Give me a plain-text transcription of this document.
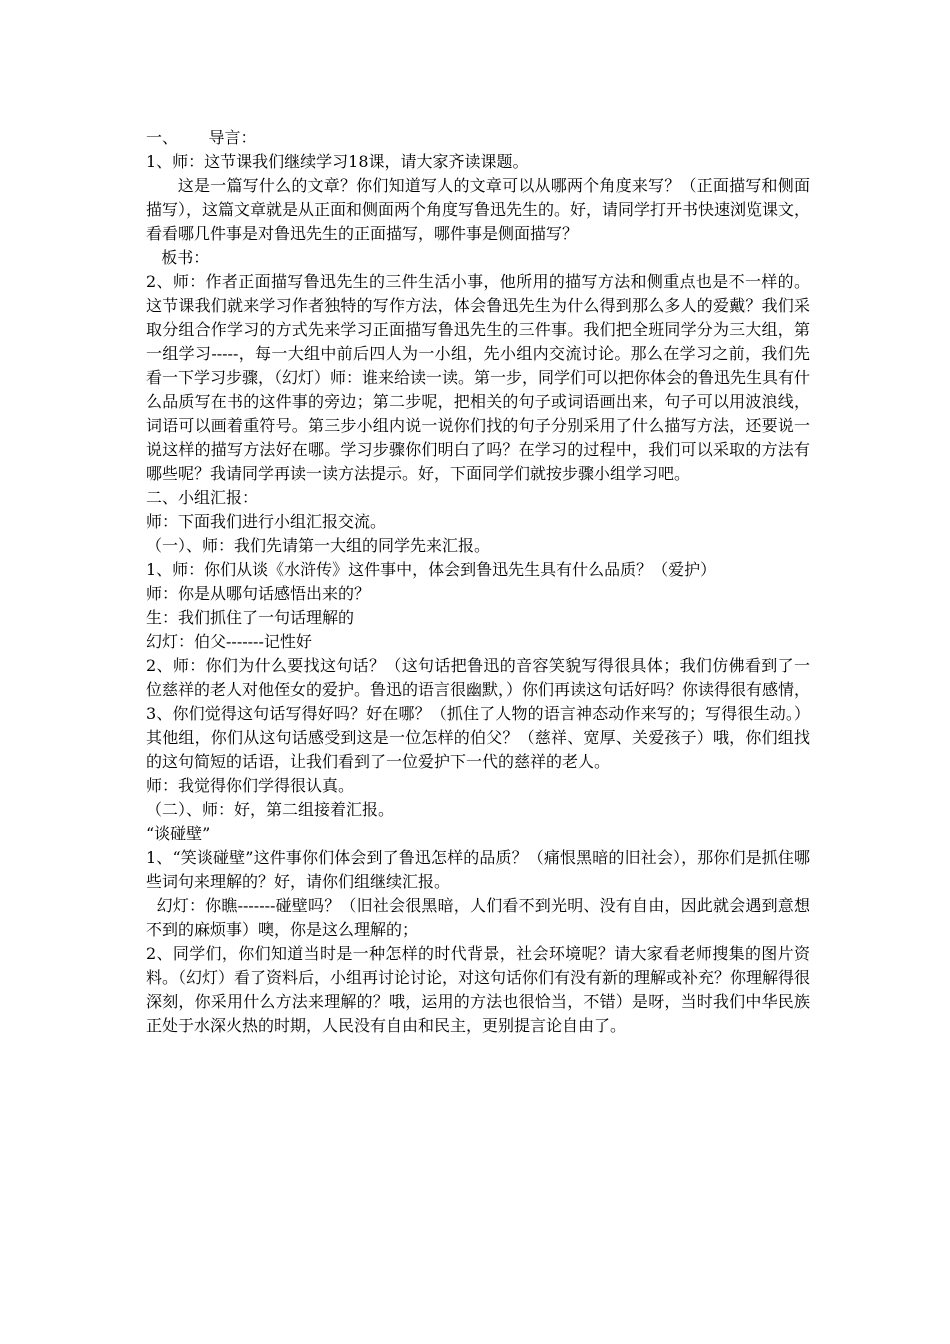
一、      导言：

1、师：这节课我们继续学习18课，请大家齐读课题。

这是一篇写什么的文章？你们知道写人的文章可以从哪两个角度来写？（正面描写和侧面描写），这篇文章就是从正面和侧面两个角度写鲁迅先生的。好，请同学打开书快速浏览课文，看看哪几件事是对鲁迅先生的正面描写，哪件事是侧面描写？

板书：

2、师：作者正面描写鲁迅先生的三件生活小事，他所用的描写方法和侧重点也是不一样的。这节课我们就来学习作者独特的写作方法，体会鲁迅先生为什么得到那么多人的爱戴？我们采取分组合作学习的方式先来学习正面描写鲁迅先生的三件事。我们把全班同学分为三大组，第一组学习-----，每一大组中前后四人为一小组，先小组内交流讨论。那么在学习之前，我们先看一下学习步骤，（幻灯）师：谁来给读一读。第一步，同学们可以把你体会的鲁迅先生具有什么品质写在书的这件事的旁边；第二步呢，把相关的句子或词语画出来，句子可以用波浪线，词语可以画着重符号。第三步小组内说一说你们找的句子分别采用了什么描写方法，还要说一说这样的描写方法好在哪。学习步骤你们明白了吗？在学习的过程中，我们可以采取的方法有哪些呢？我请同学再读一读方法提示。好，下面同学们就按步骤小组学习吧。

二、小组汇报：

师：下面我们进行小组汇报交流。

（一）、师：我们先请第一大组的同学先来汇报。

1、师：你们从谈《水浒传》这件事中，体会到鲁迅先生具有什么品质？（爱护）

师：你是从哪句话感悟出来的？

生：我们抓住了一句话理解的

幻灯：伯父-------记性好

2、师：你们为什么要找这句话？（这句话把鲁迅的音容笑貌写得很具体；我们仿佛看到了一位慈祥的老人对他侄女的爱护。鲁迅的语言很幽默，）你们再读这句话好吗？你读得很有感情，

3、你们觉得这句话写得好吗？好在哪？（抓住了人物的语言神态动作来写的；写得很生动。）其他组，你们从这句话感受到这是一位怎样的伯父？（慈祥、宽厚、关爱孩子）哦，你们组找的这句简短的话语，让我们看到了一位爱护下一代的慈祥的老人。

师：我觉得你们学得很认真。

（二）、师：好，第二组接着汇报。

“谈碰壁”

1、“笑谈碰壁”这件事你们体会到了鲁迅怎样的品质？（痛恨黑暗的旧社会），那你们是抓住哪些词句来理解的？好，请你们组继续汇报。

幻灯：你瞧-------碰壁吗？（旧社会很黑暗，人们看不到光明、没有自由，因此就会遇到意想不到的麻烦事）噢，你是这么理解的；

2、同学们，你们知道当时是一种怎样的时代背景，社会环境呢？请大家看老师搜集的图片资料。（幻灯）看了资料后，小组再讨论讨论，对这句话你们有没有新的理解或补充？你理解得很深刻，你采用什么方法来理解的？哦，运用的方法也很恰当，不错）是呀，当时我们中华民族正处于水深火热的时期，人民没有自由和民主，更别提言论自由了。
